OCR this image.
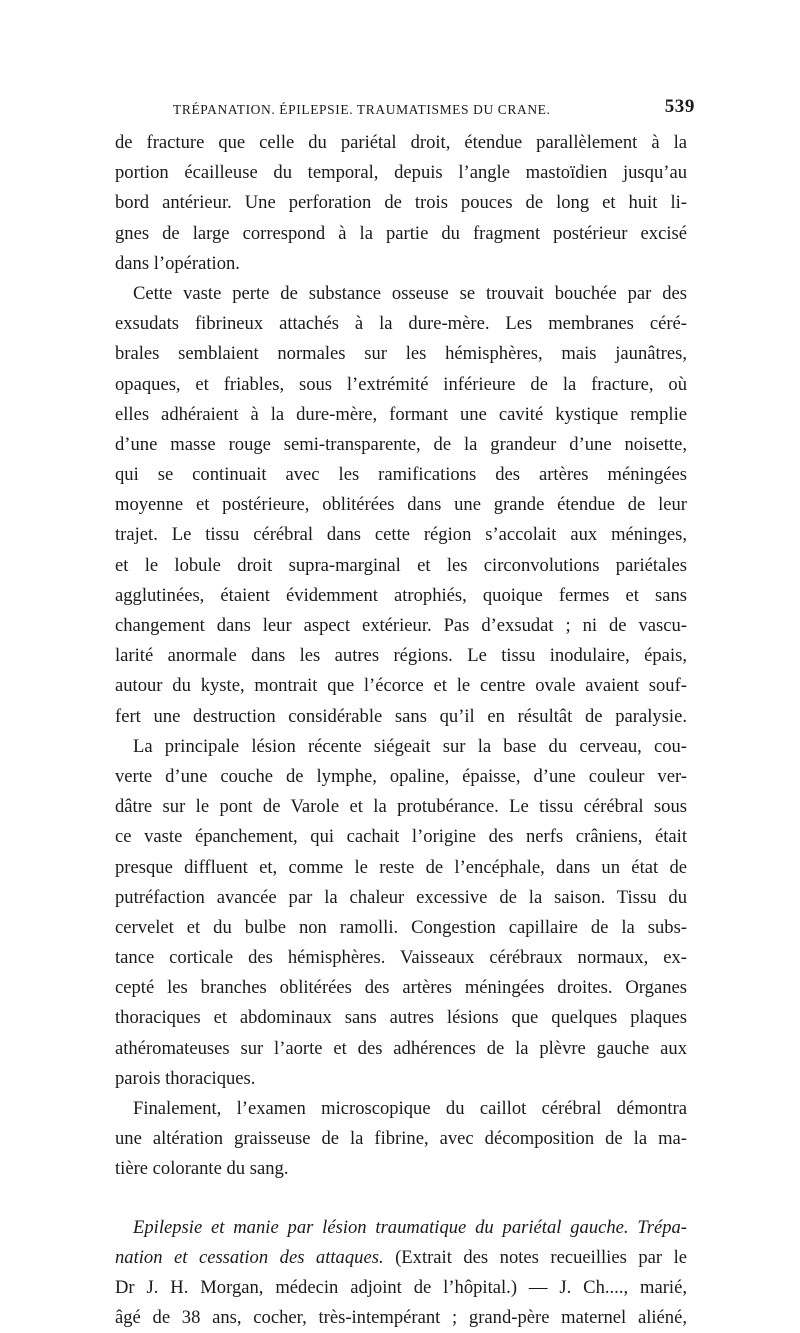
TRÉPANATION. ÉPILEPSIE. TRAUMATISMES DU CRANE.	539
de fracture que celle du pariétal droit, étendue parallèlement à la
portion écailleuse du temporal, depuis l’angle mastoïdien jusqu’au
bord antérieur. Une perforation de trois pouces de long et huit li-
gnes de large correspond à la partie du fragment postérieur excisé
dans l’opération.
Cette vaste perte de substance osseuse se trouvait bouchée par des
exsudats fibrineux attachés à la dure-mère. Les membranes céré-
brales semblaient normales sur les hémisphères, mais jaunâtres,
opaques, et friables, sous l’extrémité inférieure de la fracture, où
elles adhéraient à la dure-mère, formant une cavité kystique remplie
d’une masse rouge semi-transparente, de la grandeur d’une noisette,
qui se continuait avec les ramifications des artères méningées
moyenne et postérieure, oblitérées dans une grande étendue de leur
trajet. Le tissu cérébral dans cette région s’accolait aux méninges,
et le lobule droit supra-marginal et les circonvolutions pariétales
agglutinées, étaient évidemment atrophiés, quoique fermes et sans
changement dans leur aspect extérieur. Pas d’exsudat ; ni de vascu-
larité anormale dans les autres régions. Le tissu inodulaire, épais,
autour du kyste, montrait que l’écorce et le centre ovale avaient souf-
fert une destruction considérable sans qu’il en résultât de paralysie.
La principale lésion récente siégeait sur la base du cerveau, cou-
verte d’une couche de lymphe, opaline, épaisse, d’une couleur ver-
dâtre sur le pont de Varole et la protubérance. Le tissu cérébral sous
ce vaste épanchement, qui cachait l’origine des nerfs crâniens, était
presque diffluent et, comme le reste de l’encéphale, dans un état de
putréfaction avancée par la chaleur excessive de la saison. Tissu du
cervelet et du bulbe non ramolli. Congestion capillaire de la subs-
tance corticale des hémisphères. Vaisseaux cérébraux normaux, ex-
cepté les branches oblitérées des artères méningées droites. Organes
thoraciques et abdominaux sans autres lésions que quelques plaques
athéromateuses sur l’aorte et des adhérences de la plèvre gauche aux
parois thoraciques.
Finalement, l’examen microscopique du caillot cérébral démontra
une altération graisseuse de la fibrine, avec décomposition de la ma-
tière colorante du sang.
Epilepsie et manie par lésion traumatique du pariétal gauche. Trépa-
nation et cessation des attaques. (Extrait des notes recueillies par le
Dr J. H. Morgan, médecin adjoint de l’hôpital.) — J. Ch...., marié,
âgé de 38 ans, cocher, très-intempérant ; grand-père maternel aliéné,
